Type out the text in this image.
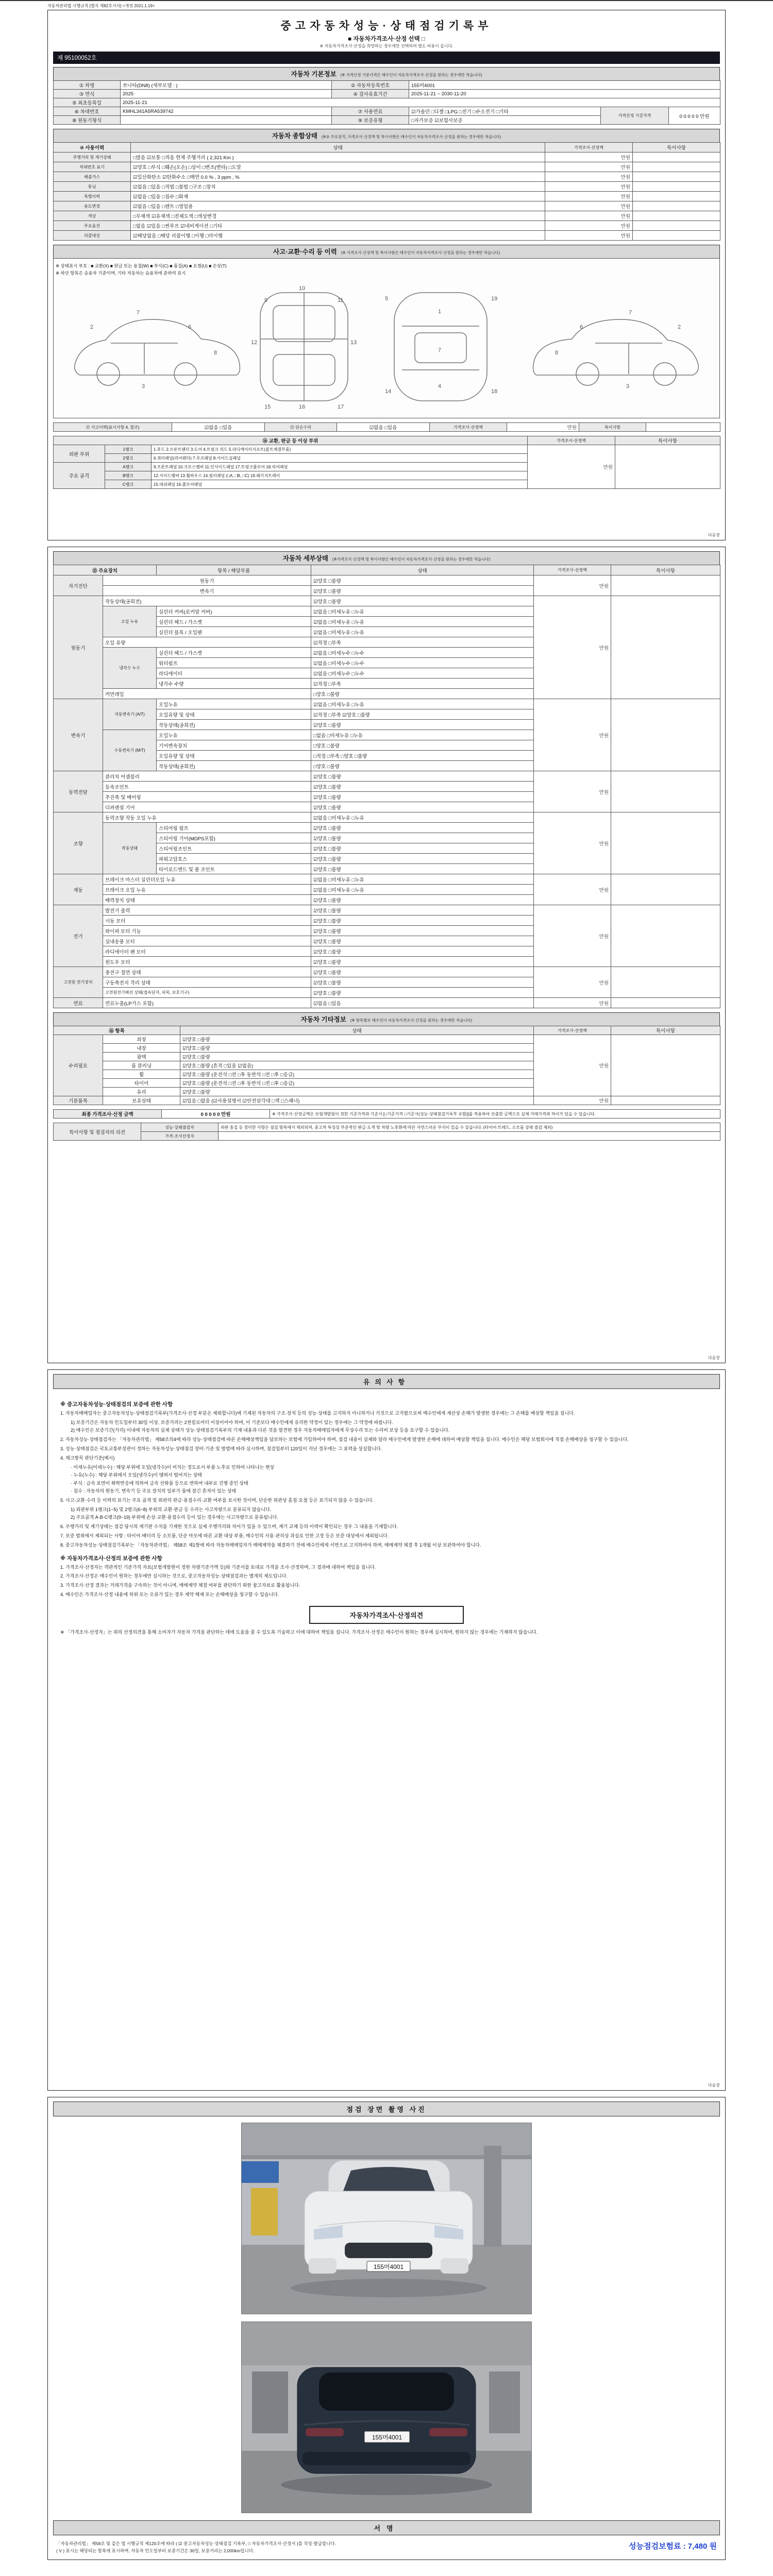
자동차관리법 시행규칙 [별지 제82호서식] <개정 2021.1.19>
중고자동차성능·상태점검기록부
■ 자동차가격조사·산정 선택 □
※ 자동차가격조사·산정을 희망하는 경우에만 선택하며 별도 비용이 듭니다.
제 95100052호
자동차 기본정보 (※ 가격산정 기준가격은 매수인이 자동차가격조사·산정을 원하는 경우에만 적습니다)
① 차명	쏘나타(DN8) (세부모델 : )	② 자동차등록번호	155머4001		
③ 연식	2025	④ 검사유효기간	2025-11-21 ~ 2030-11-20		
⑤ 최초등록일	2025-11-21				
⑥ 차대번호	KMHL341A5RA539742	⑦ 사용연료	☑가솔린 □디젤 □LPG □전기 □수소전기 □기타	가격산정 기준가격	0 0 0 0 0 만원
⑧ 원동기형식		⑨ 보증유형	□자가보증 ☑보험사보증		
자동차 종합상태 (※② 주요장치, 가격조사·산정액 및 특이사항은 매수인이 자동차가격조사·산정을 원하는 경우에만 적습니다)
⑩ 사용이력	상태	가격조사·산정액	특이사항
주행거리 및 계기상태	□많음 ☑보통 □적음 현재 주행거리 ( 2,321 Km )	만원	
차대번호 표기	☑양호 □부식 □훼손(오손) □상이 □변조(변타) □도말	만원	
배출가스	☑일산화탄소 ☑탄화수소 □매연 0.0 % , 3 ppm , %	만원	
튜닝	☑없음 □있음 □적법 □불법 □구조 □장치	만원	
특별이력	☑없음 □있음 □침수 □화재	만원	
용도변경	☑없음 □있음 □렌트 □영업용	만원	
색상	□무채색 ☑유채색 □전체도색 □색상변경	만원	
주요옵션	□없음 ☑있음 □썬루프 ☑네비게이션 □기타	만원	
리콜대상	☑해당없음 □해당 리콜이행 □이행 □미이행	만원	
사고·교환·수리 등 이력 (※ 가격조사·산정액 및 특이사항은 매수인이 자동차가격조사·산정을 원하는 경우에만 적습니다)
※ 상태표시 부호 : ■ 교환(X) ■ 판금 또는 용접(W) ■ 부식(C) ■ 흠집(A) ■ 요철(U) ■ 손상(T)
※ 하단 항목은 승용차 기준이며, 기타 자동차는 승용차에 준하여 표시
2
7
6
3
8
9
10
11
12	13
15	16	17
1
7
4
5
18
19
14
2
7
6
3
8
⑫ 사고이력(표시사항 4. 참조)	☑없음 □있음	⑬ 단순수리	☑없음 □있음	가격조사·산정액	만원	특이사항	
⑭ 교환, 판금 등 이상 부위			가격조사·산정액	특이사항
외판 부위	1랭크	1.후드 2.프론트펜더 3.도어 4.트렁크 리드 5.라디에이터서포트(볼트체결부품)	만원	
	2랭크	6.쿼터패널(리어펜더) 7.루프패널 8.사이드실패널		
주요 골격	A랭크	9.프론트패널 10.크로스멤버 11.인사이드패널 17.트렁크플로어 18.리어패널		
	B랭크	12.사이드멤버 13.휠하우스 14.필러패널 (□A, □B, □C) 19.패키지트레이		
	C랭크	15.대쉬패널 16.플로어패널		
다음장
자동차 세부상태 (※가격조사·산정액 및 특이사항은 매수인이 자동차가격조사·산정을 원하는 경우에만 적습니다)
⑮ 주요장치		항목 / 해당부품	상태	가격조사·산정액	특이사항
자기진단	원동기		☑양호 □불량	만원	
	변속기		☑양호 □불량		
원동기	작동상태(공회전)		☑양호 □불량	만원	
	오일 누유	실린더 커버(로커암 커버)	☑없음 □미세누유 □누유		
		실린더 헤드 / 가스켓	☑없음 □미세누유 □누유		
		실린더 블록 / 오일팬	☑없음 □미세누유 □누유		
	오일 유량		☑적정 □부족		
	냉각수 누수	실린더 헤드 / 가스켓	☑없음 □미세누수 □누수		
		워터펌프	☑없음 □미세누수 □누수		
		라디에이터	☑없음 □미세누수 □누수		
		냉각수 수량	☑적정 □부족		
	커먼레일		□양호 □불량		
변속기	자동변속기 (A/T)	오일누유	☑없음 □미세누유 □누유	만원	
		오일유량 및 상태	☑적정 □부족 ☑양호 □불량		
		작동상태(공회전)	☑양호 □불량		
	수동변속기 (M/T)	오일누유	□없음 □미세누유 □누유		
		기어변속장치	□양호 □불량		
		오일유량 및 상태	□적정 □부족 □양호 □불량		
		작동상태(공회전)	□양호 □불량		
동력전달	클러치 어셈블리		☑양호 □불량	만원	
	등속조인트		☑양호 □불량		
	추진축 및 베어링		☑양호 □불량		
	디퍼렌셜 기어		☑양호 □불량		
조향	동력조향 작동 오일 누유		☑없음 □미세누유 □누유	만원	
	작동상태	스티어링 펌프	☑양호 □불량		
		스티어링 기어(MDPS포함)	☑양호 □불량		
		스티어링조인트	☑양호 □불량		
		파워고압호스	☑양호 □불량		
		타이로드엔드 및 볼 조인트	☑양호 □불량		
제동	브레이크 마스터 실린더오일 누유		☑없음 □미세누유 □누유	만원	
	브레이크 오일 누유		☑없음 □미세누유 □누유		
	배력장치 상태		☑양호 □불량		
전기	발전기 출력		☑양호 □불량	만원	
	시동 모터		☑양호 □불량		
	와이퍼 모터 기능		☑양호 □불량		
	실내송풍 모터		☑양호 □불량		
	라디에이터 팬 모터		☑양호 □불량		
	윈도우 모터		☑양호 □불량		
고전원 전기장치	충전구 절연 상태		☑양호 □불량	만원	
	구동축전지 격리 상태		☑양호 □불량		
	고전원전기배선 상태(접속단자, 피복, 보호기구)		☑양호 □불량		
연료	연료누출(LP가스 포함)		☑없음 □있음	만원	
자동차 기타정보 (※ 항목별로 매수인이 자동차가격조사·산정을 원하는 경우에만 적습니다)
⑯ 항목		상태	가격조사·산정액	특이사항
수리필요	외장	☑양호 □불량	만원	
	내장	☑양호 □불량		
	광택	☑양호 □불량		
	룸 클리닝	☑양호 □불량 (흔적 □있음 ☑없음)		
	휠	☑양호 □불량 (운전석 □전 □후 동반석 □전 □후 □응급)		
	타이어	☑양호 □불량 (운전석 □전 □후 동반석 □전 □후 □응급)		
	유리	☑양호 □불량		
기본품목	보유상태	☑있음 □없음 (☑사용설명서 ☑안전삼각대 □잭 □스패너)	만원	
최종 가격조사·산정 금액	0 0 0 0 0 만원	※ 가격조사·산정금액은 보험개발원이 정한 기준가격과 기준서 [□기준가격 □기준서(성능·상태점검기록부 포함)]를 적용하여 산출한 금액으로 실제 거래가격과 차이가 있을 수 있습니다.
특이사항 및 점검자의 의견	성능·상태점검자	외판 흠집 등 경미한 사항은 점검 항목에서 제외되며, 중고차 특성상 부분적인 판금·도색 및 차량 노후화에 따른 자연스러운 부식이 있을 수 있습니다. (타이어 트레드, 소모품 상태 점검 제외)
	가격·조사산정자	
다음장
유의사항
※ 중고자동차성능·상태점검의 보증에 관한 사항
1. 자동차매매업자는 중고자동차성능·상태점검기록부(가격조사·산정 부분은 제외합니다)에 기재된 자동차의 구조·장치 등의 성능·상태를 고지하지 아니하거나 거짓으로 고지함으로써 매수인에게 재산상 손해가 발생한 경우에는 그 손해를 배상할 책임을 집니다.
1) 보증기간은 자동차 인도일부터 30일 이상, 보증거리는 2천킬로미터 이상이어야 하며, 이 기준보다 매수인에게 유리한 약정이 있는 경우에는 그 약정에 따릅니다.
2) 매수인은 보증기간(거리) 이내에 자동차의 실제 상태가 성능·상태점검기록부의 기재 내용과 다른 것을 발견한 경우 자동차매매업자에게 무상수리 또는 수리비 보상 등을 요구할 수 있습니다.
2. 자동차성능·상태점검자는 「자동차관리법」 제58조의4에 따라 성능·상태점검에 따른 손해배상책임을 담보하는 보험에 가입하여야 하며, 점검 내용이 실제와 달라 매수인에게 발생한 손해에 대하여 배상할 책임을 집니다. 매수인은 해당 보험회사에 직접 손해배상을 청구할 수 있습니다.
3. 성능·상태점검은 국토교통부장관이 정하는 자동차성능·상태점검 장비·기준 및 방법에 따라 실시하며, 점검일부터 120일이 지난 경우에는 그 효력을 상실합니다.
4. 체크항목 판단기준(예시)
· 미세누유(미세누수) : 해당 부위에 오일(냉각수)이 비치는 정도로서 부품 노후로 인하여 나타나는 현상
· 누유(누수) : 해당 부위에서 오일(냉각수)이 맺혀서 떨어지는 상태
· 부식 : 금속 표면이 화학반응에 의하여 금속 산화물 등으로 변하여 내부로 진행 중인 상태
· 침수 : 자동차의 원동기, 변속기 등 주요 장치의 일부가 물에 잠긴 흔적이 있는 상태
5. 사고·교환·수리 등 이력의 표기는 주요 골격 및 외판의 판금·용접수리·교환 여부를 표시한 것이며, 단순한 외관상 흠집·요철 등은 표기되지 않을 수 있습니다.
1) 외판부위 1랭크(1~5) 및 2랭크(6~8) 부위의 교환·판금 등 수리는 사고차량으로 분류되지 않습니다.
2) 주요골격 A·B·C랭크(9~19) 부위에 손상·교환·용접수리 등이 있는 경우에는 사고차량으로 분류됩니다.
6. 주행거리 및 계기상태는 점검 당시의 계기판 수치를 기재한 것으로 실제 주행거리와 차이가 있을 수 있으며, 계기 교체 등의 이력이 확인되는 경우 그 내용을 기재합니다.
7. 보증 범위에서 제외되는 사항 : 타이어·배터리 등 소모품, 단순 마모에 따른 교환 대상 부품, 매수인의 사용·관리상 과실로 인한 고장 등은 보증 대상에서 제외됩니다.
8. 중고자동차성능·상태점검기록부는 「자동차관리법」 제58조 제1항에 따라 자동차매매업자가 매매계약을 체결하기 전에 매수인에게 서면으로 고지하여야 하며, 매매계약 체결 후 1개월 이상 보관하여야 합니다.
※ 자동차가격조사·산정의 보증에 관한 사항
1. 가격조사·산정자는 객관적인 기준가격 자료(보험개발원이 정한 차량기준가액 등)와 기준서를 토대로 가격을 조사·산정하며, 그 결과에 대하여 책임을 집니다.
2. 가격조사·산정은 매수인이 원하는 경우에만 실시하는 것으로, 중고자동차성능·상태점검과는 별개의 제도입니다.
3. 가격조사·산정 결과는 거래가격을 구속하는 것이 아니며, 매매계약 체결 여부를 판단하기 위한 참고자료로 활용됩니다.
4. 매수인은 가격조사·산정 내용에 허위 또는 오류가 있는 경우 계약 해제 또는 손해배상을 청구할 수 있습니다.
자동차가격조사·산정의견
※ 「가격조사·산정자」는 위의 산정의견을 통해 소비자가 자동차 가격을 판단하는 데에 도움을 줄 수 있도록 기술하고 이에 대하여 책임을 집니다. 가격조사·산정은 매수인이 원하는 경우에 실시하며, 원하지 않는 경우에는 기재하지 않습니다.
다음장
점검 장면 촬영 사진
155머4001
155머4001
서명
「자동차관리법」 제58조 및 같은 법 시행규칙 제120조에 따라 ( ☑ 중고자동차성능·상태점검 기록부, □ 자동차가격조사·산정서 )를 작성·발급합니다.
( V ) 표시는 해당되는 항목에 표시하며, 자동차 인도일부터 보증기간은 30일, 보증거리는 2,000km입니다.	성능점검보험료 : 7,480 원
